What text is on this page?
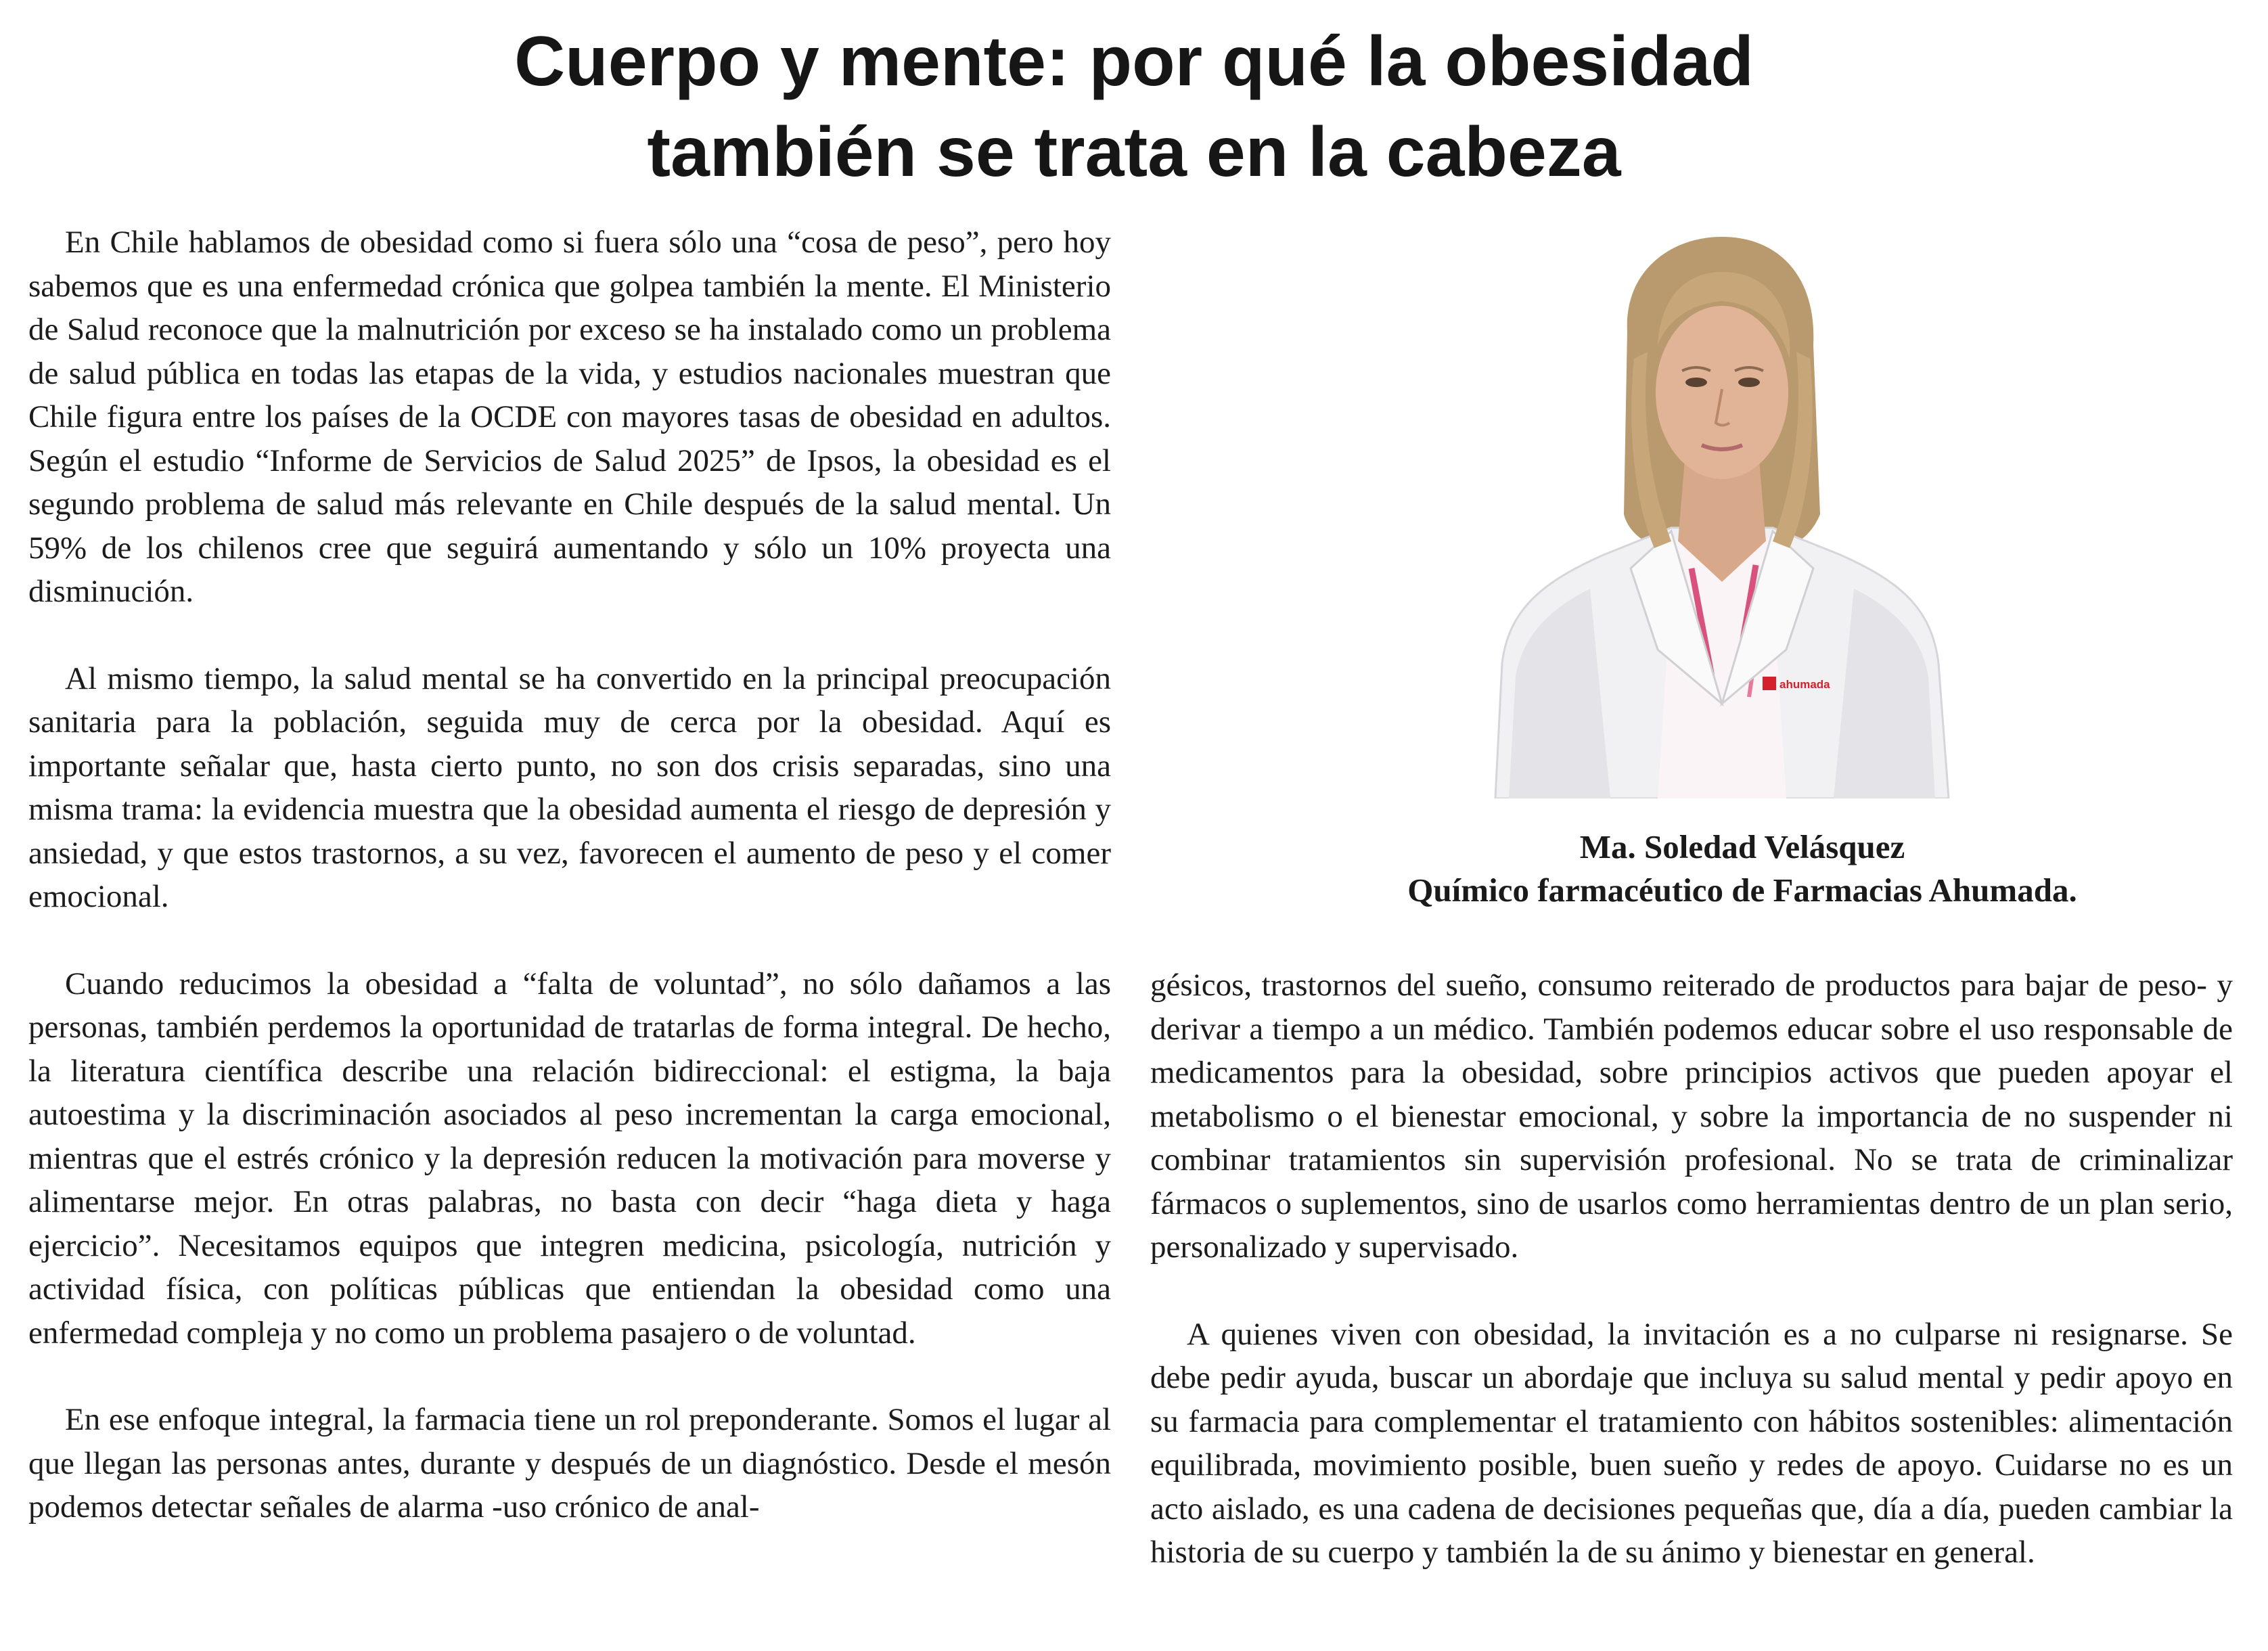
Cuerpo y mente: por qué la obesidad
también se trata en la cabeza

En Chile hablamos de obesidad como si fuera sólo una “cosa de peso”, pero hoy sabemos que es una enfermedad crónica que golpea también la mente. El Ministerio de Salud reconoce que la malnutrición por exceso se ha instalado como un problema de salud pública en todas las etapas de la vida, y estudios nacionales muestran que Chile figura entre los países de la OCDE con mayores tasas de obesidad en adultos. Según el estudio “Informe de Servicios de Salud 2025” de Ipsos, la obesidad es el segundo problema de salud más relevante en Chile después de la salud mental. Un 59% de los chilenos cree que seguirá aumentando y sólo un 10% proyecta una disminución.

Al mismo tiempo, la salud mental se ha convertido en la principal preocupación sanitaria para la población, seguida muy de cerca por la obesidad. Aquí es importante señalar que, hasta cierto punto, no son dos crisis separadas, sino una misma trama: la evidencia muestra que la obesidad aumenta el riesgo de depresión y ansiedad, y que estos trastornos, a su vez, favorecen el aumento de peso y el comer emocional.

Cuando reducimos la obesidad a “falta de voluntad”, no sólo dañamos a las personas, también perdemos la oportunidad de tratarlas de forma integral. De hecho, la literatura científica describe una relación bidireccional: el estigma, la baja autoestima y la discriminación asociados al peso incrementan la carga emocional, mientras que el estrés crónico y la depresión reducen la motivación para moverse y alimentarse mejor. En otras palabras, no basta con decir “haga dieta y haga ejercicio”. Necesitamos equipos que integren medicina, psicología, nutrición y actividad física, con políticas públicas que entiendan la obesidad como una enfermedad compleja y no como un problema pasajero o de voluntad.

En ese enfoque integral, la farmacia tiene un rol preponderante. Somos el lugar al que llegan las personas antes, durante y después de un diagnóstico. Desde el mesón podemos detectar señales de alarma -uso crónico de anal-

ahumada
Ma. Soledad Velásquez
Químico farmacéutico de Farmacias Ahumada.

gésicos, trastornos del sueño, consumo reiterado de productos para bajar de peso- y derivar a tiempo a un médico. También podemos educar sobre el uso responsable de medicamentos para la obesidad, sobre principios activos que pueden apoyar el metabolismo o el bienestar emocional, y sobre la importancia de no suspender ni combinar tratamientos sin supervisión profesional. No se trata de criminalizar fármacos o suplementos, sino de usarlos como herramientas dentro de un plan serio, personalizado y supervisado.

A quienes viven con obesidad, la invitación es a no culparse ni resignarse. Se debe pedir ayuda, buscar un abordaje que incluya su salud mental y pedir apoyo en su farmacia para complementar el tratamiento con hábitos sostenibles: alimentación equilibrada, movimiento posible, buen sueño y redes de apoyo. Cuidarse no es un acto aislado, es una cadena de decisiones pequeñas que, día a día, pueden cambiar la historia de su cuerpo y también la de su ánimo y bienestar en general.
